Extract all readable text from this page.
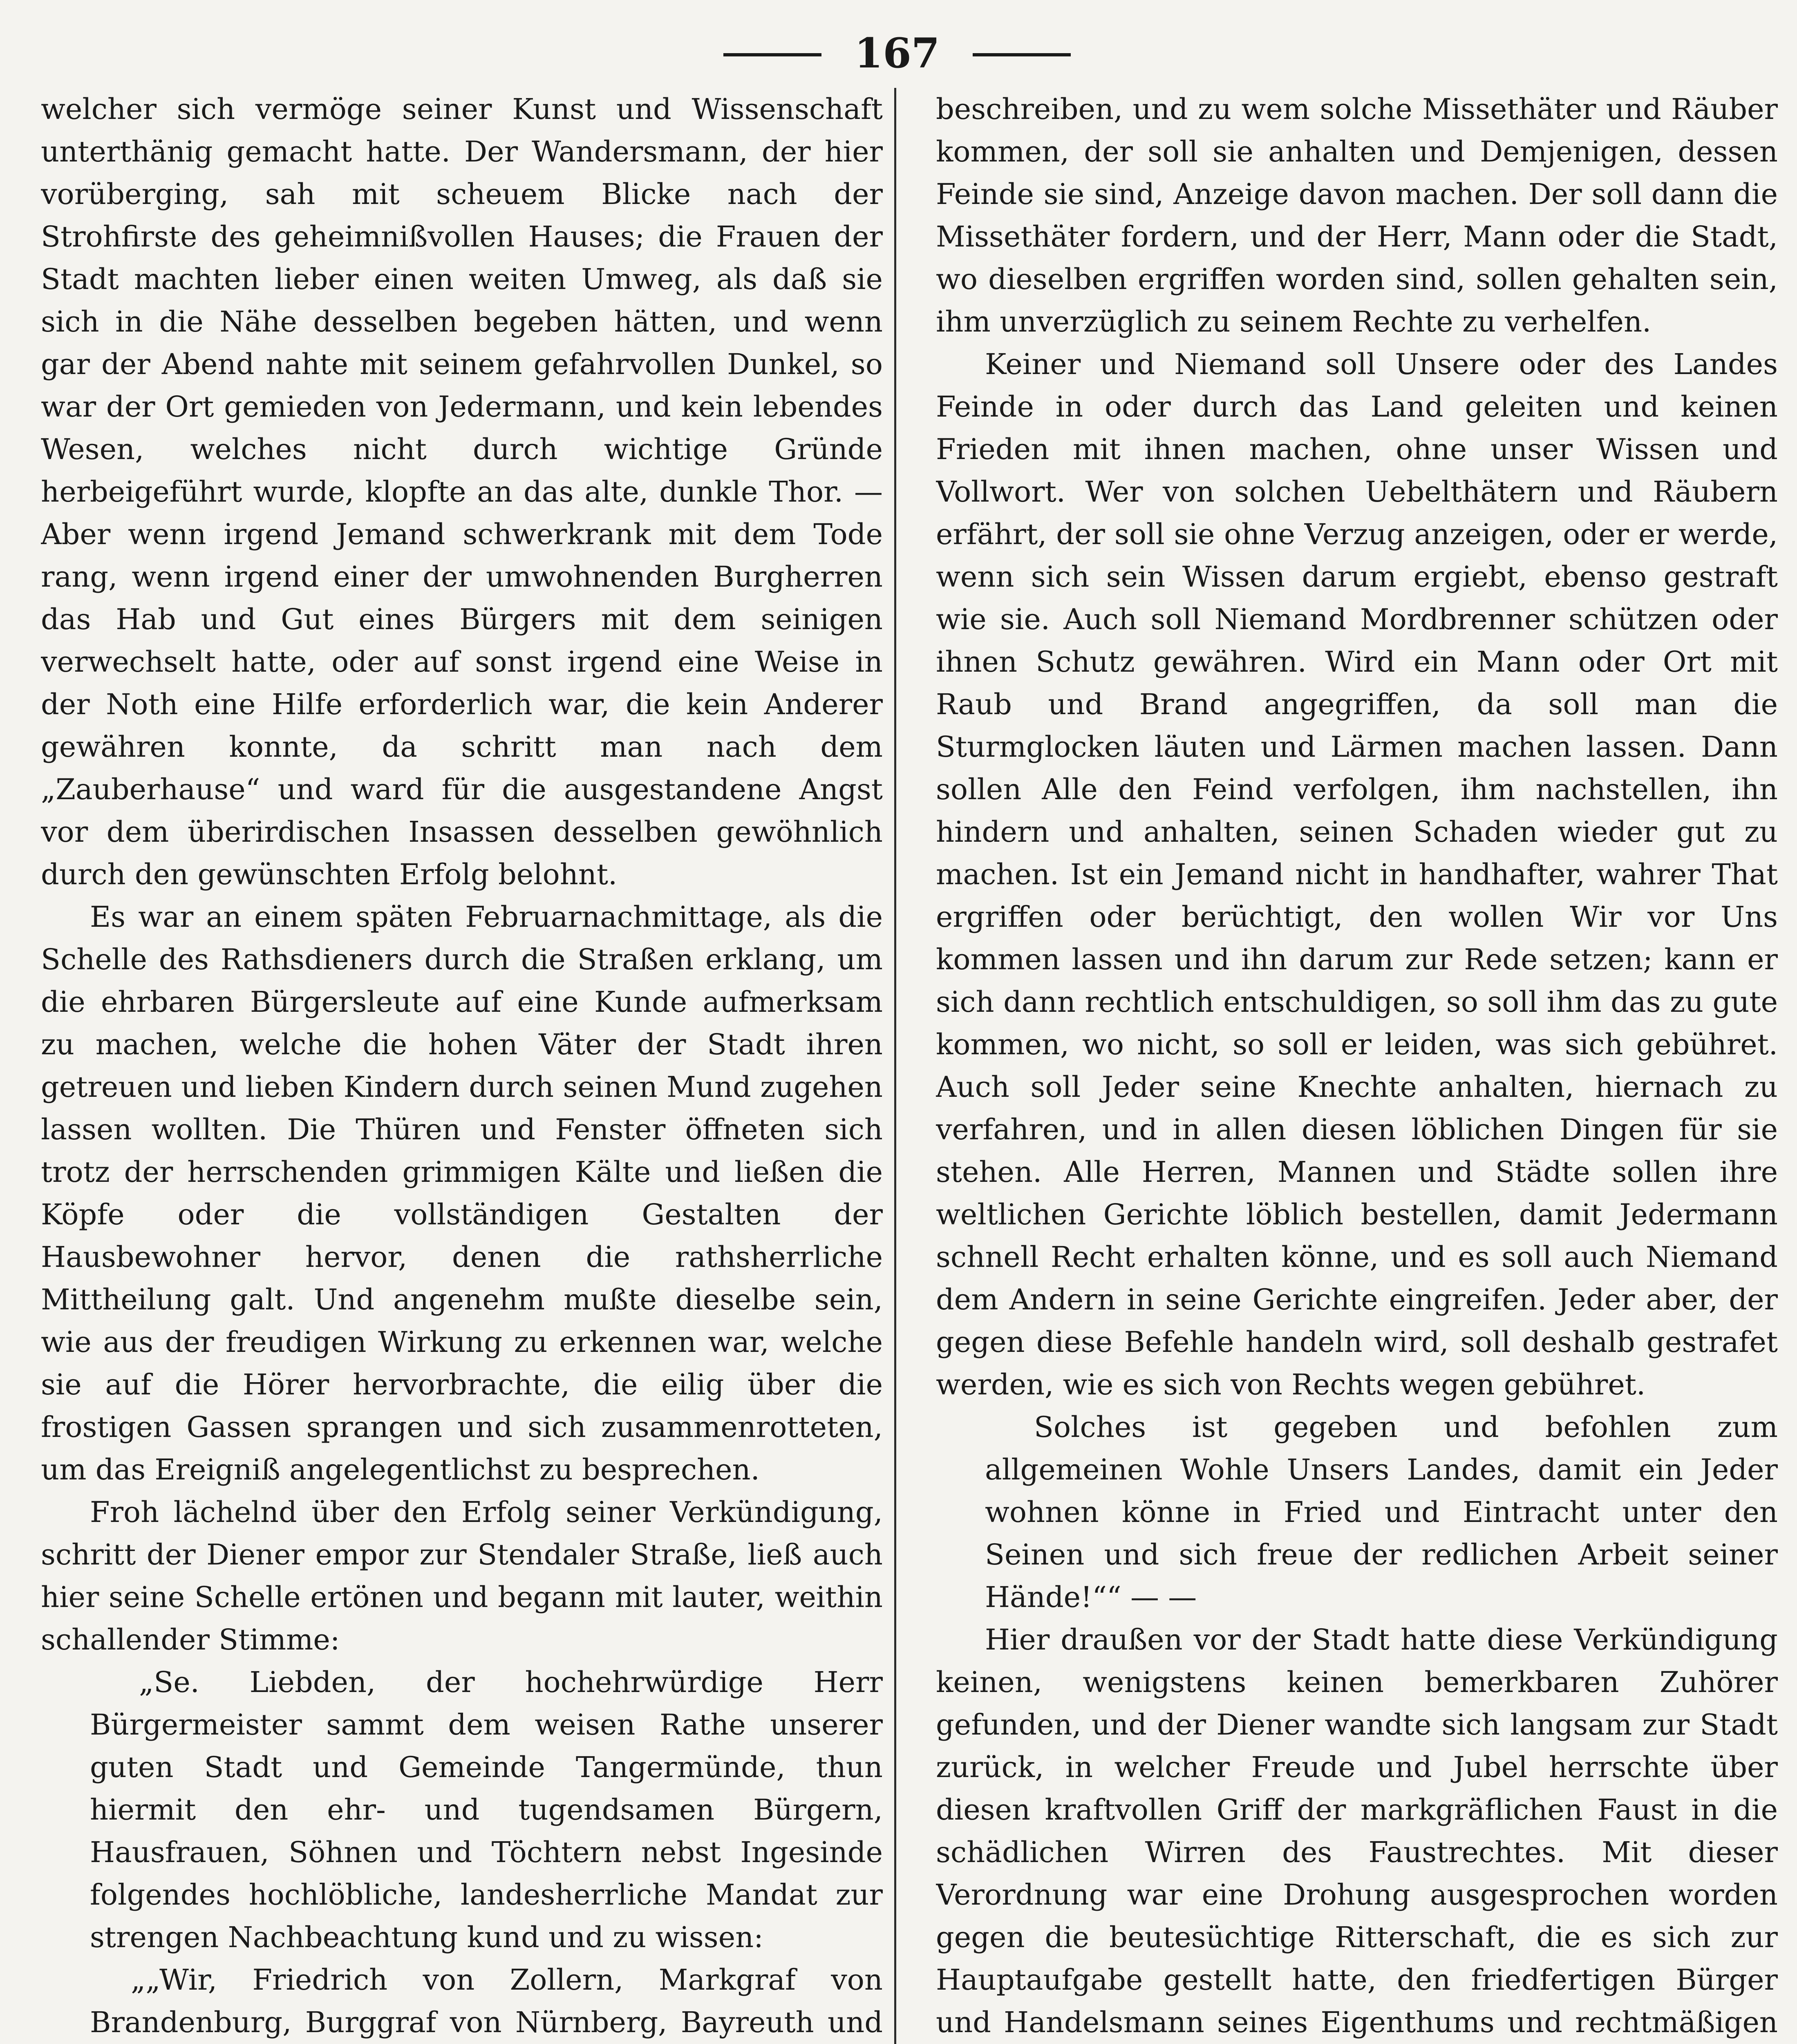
167

welcher sich vermöge seiner Kunst und Wissenschaft unterthänig gemacht hatte. Der Wandersmann, der hier vorüberging, sah mit scheuem Blicke nach der Strohfirste des geheimnißvollen Hauses; die Frauen der Stadt machten lieber einen weiten Umweg, als daß sie sich in die Nähe desselben begeben hätten, und wenn gar der Abend nahte mit seinem gefahrvollen Dunkel, so war der Ort gemieden von Jedermann, und kein lebendes Wesen, welches nicht durch wichtige Gründe herbeigeführt wurde, klopfte an das alte, dunkle Thor. — Aber wenn irgend Jemand schwerkrank mit dem Tode rang, wenn irgend einer der umwohnenden Burgherren das Hab und Gut eines Bürgers mit dem seinigen verwechselt hatte, oder auf sonst irgend eine Weise in der Noth eine Hilfe erforderlich war, die kein Anderer gewähren konnte, da schritt man nach dem „Zauberhause“ und ward für die ausgestandene Angst vor dem überirdischen Insassen desselben gewöhnlich durch den gewünschten Erfolg belohnt.

Es war an einem späten Februarnachmittage, als die Schelle des Rathsdieners durch die Straßen erklang, um die ehrbaren Bürgersleute auf eine Kunde aufmerksam zu machen, welche die hohen Väter der Stadt ihren getreuen und lieben Kindern durch seinen Mund zugehen lassen wollten. Die Thüren und Fenster öffneten sich trotz der herrschenden grimmigen Kälte und ließen die Köpfe oder die vollständigen Gestalten der Hausbewohner hervor, denen die rathsherrliche Mittheilung galt. Und angenehm mußte dieselbe sein, wie aus der freudigen Wirkung zu erkennen war, welche sie auf die Hörer hervorbrachte, die eilig über die frostigen Gassen sprangen und sich zusammenrotteten, um das Ereigniß angelegentlichst zu besprechen.

Froh lächelnd über den Erfolg seiner Verkündigung, schritt der Diener empor zur Stendaler Straße, ließ auch hier seine Schelle ertönen und begann mit lauter, weithin schallender Stimme:

„Se. Liebden, der hochehrwürdige Herr Bürgermeister sammt dem weisen Rathe unserer guten Stadt und Gemeinde Tangermünde, thun hiermit den ehr- und tugendsamen Bürgern, Hausfrauen, Söhnen und Töchtern nebst Ingesinde folgendes hochlöbliche, landesherrliche Mandat zur strengen Nachbeachtung kund und zu wissen:

„„Wir, Friedrich von Zollern, Markgraf von Brandenburg, Burggraf von Nürnberg, Bayreuth und

beschreiben, und zu wem solche Missethäter und Räuber kommen, der soll sie anhalten und Demjenigen, dessen Feinde sie sind, Anzeige davon machen. Der soll dann die Missethäter fordern, und der Herr, Mann oder die Stadt, wo dieselben ergriffen worden sind, sollen gehalten sein, ihm unverzüglich zu seinem Rechte zu verhelfen.

Keiner und Niemand soll Unsere oder des Landes Feinde in oder durch das Land geleiten und keinen Frieden mit ihnen machen, ohne unser Wissen und Vollwort. Wer von solchen Uebelthätern und Räubern erfährt, der soll sie ohne Verzug anzeigen, oder er werde, wenn sich sein Wissen darum ergiebt, ebenso gestraft wie sie. Auch soll Niemand Mordbrenner schützen oder ihnen Schutz gewähren. Wird ein Mann oder Ort mit Raub und Brand angegriffen, da soll man die Sturmglocken läuten und Lärmen machen lassen. Dann sollen Alle den Feind verfolgen, ihm nachstellen, ihn hindern und anhalten, seinen Schaden wieder gut zu machen. Ist ein Jemand nicht in handhafter, wahrer That ergriffen oder berüchtigt, den wollen Wir vor Uns kommen lassen und ihn darum zur Rede setzen; kann er sich dann rechtlich entschuldigen, so soll ihm das zu gute kommen, wo nicht, so soll er leiden, was sich gebühret. Auch soll Jeder seine Knechte anhalten, hiernach zu verfahren, und in allen diesen löblichen Dingen für sie stehen. Alle Herren, Mannen und Städte sollen ihre weltlichen Gerichte löblich bestellen, damit Jedermann schnell Recht erhalten könne, und es soll auch Niemand dem Andern in seine Gerichte eingreifen. Jeder aber, der gegen diese Befehle handeln wird, soll deshalb gestrafet werden, wie es sich von Rechts wegen gebühret.

Solches ist gegeben und befohlen zum allgemeinen Wohle Unsers Landes, damit ein Jeder wohnen könne in Fried und Eintracht unter den Seinen und sich freue der redlichen Arbeit seiner Hände!““ — —

Hier draußen vor der Stadt hatte diese Verkündigung keinen, wenigstens keinen bemerkbaren Zuhörer gefunden, und der Diener wandte sich langsam zur Stadt zurück, in welcher Freude und Jubel herrschte über diesen kraftvollen Griff der markgräflichen Faust in die schädlichen Wirren des Faustrechtes. Mit dieser Verordnung war eine Drohung ausgesprochen worden gegen die beutesüchtige Ritterschaft, die es sich zur Hauptaufgabe gestellt hatte, den friedfertigen Bürger und Handelsmann seines Eigenthums und rechtmäßigen
